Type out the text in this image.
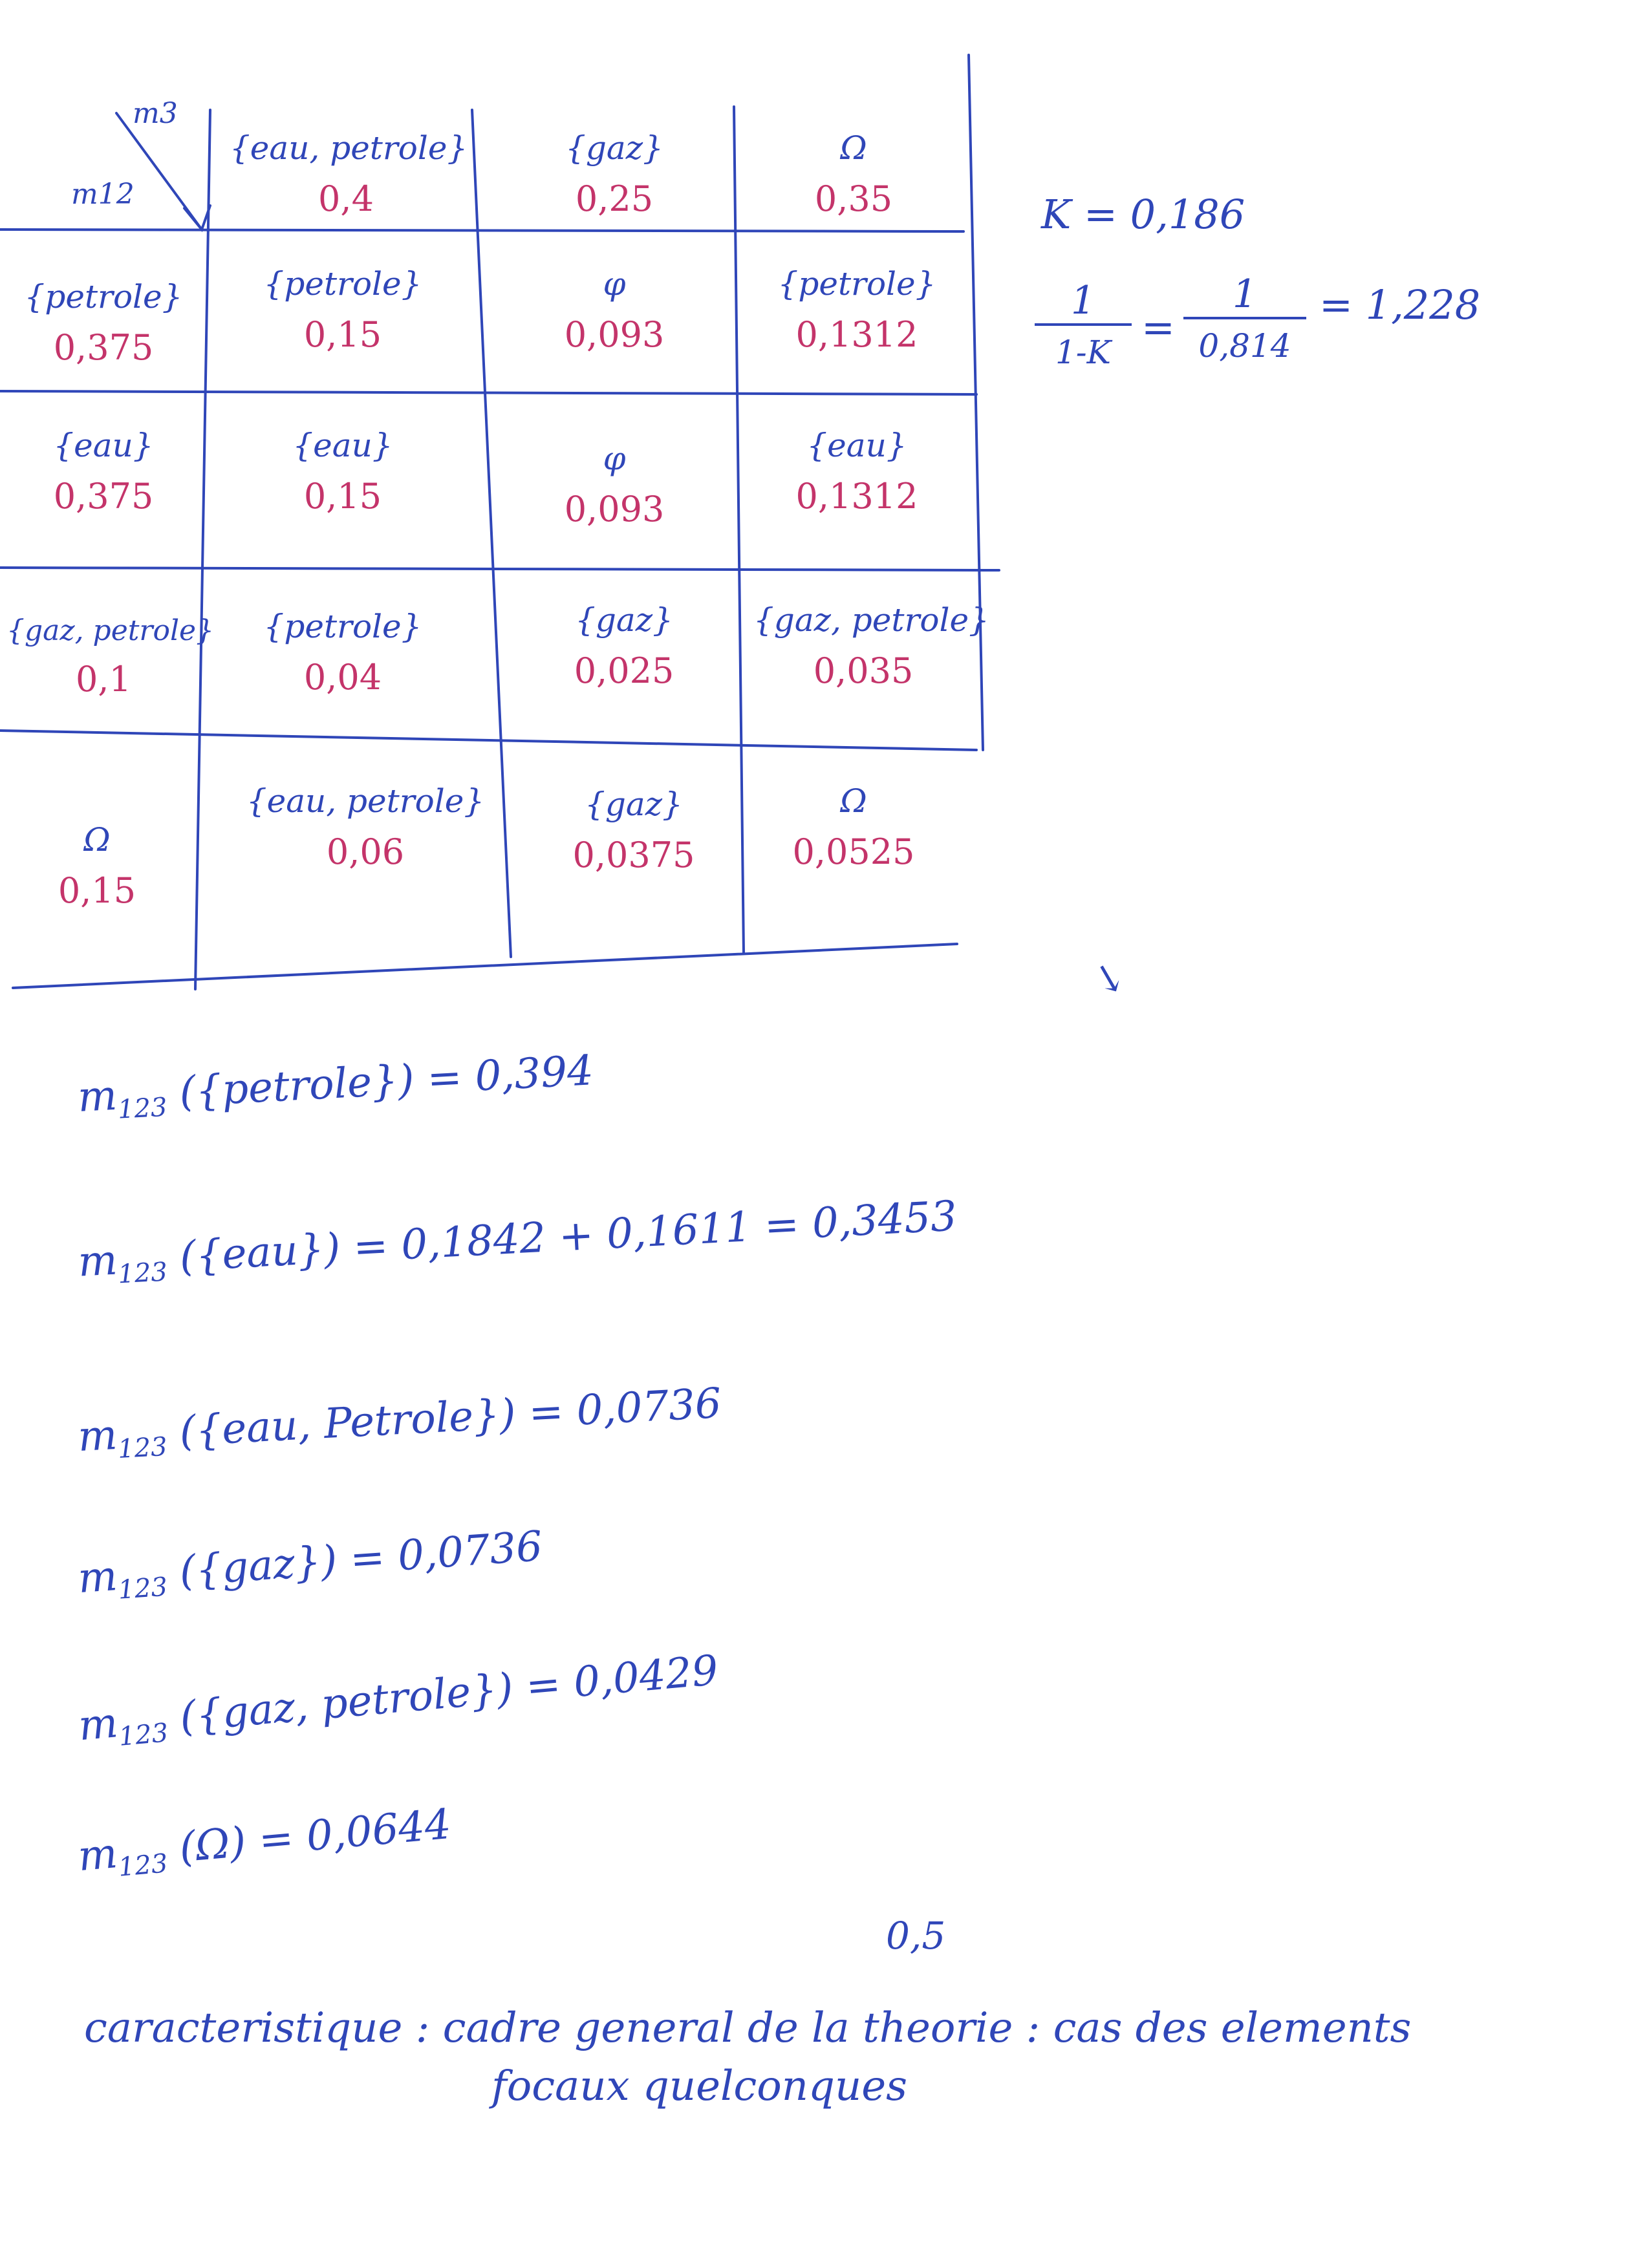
m3
m12
{eau, petrole}
0,4
{gaz}
0,25
Ω
0,35
{petrole}
0,375
{eau}
0,375
{gaz, petrole}
0,1
Ω
0,15
{petrole}
0,15
φ
0,093
{petrole}
0,1312
{eau}
0,15
φ
0,093
{eau}
0,1312
{petrole}
0,04
{gaz}
0,025
{gaz, petrole}
0,035
{eau, petrole}
0,06
{gaz}
0,0375
Ω
0,0525
K = 0,186
1
1-K
=
1
0,814
= 1,228
↓
$m_{123}$ ({petrole}) = 0,394
$m_{123}$ ({eau}) = 0,1842 + 0,1611 = 0,3453
$m_{123}$ ({eau, Petrole}) = 0,0736
$m_{123}$ ({gaz}) = 0,0736
$m_{123}$ ({gaz, petrole}) = 0,0429
$m_{123}$ (Ω) = 0,0644
0,5
caracteristique : cadre general de la theorie : cas des elements
focaux quelconques
